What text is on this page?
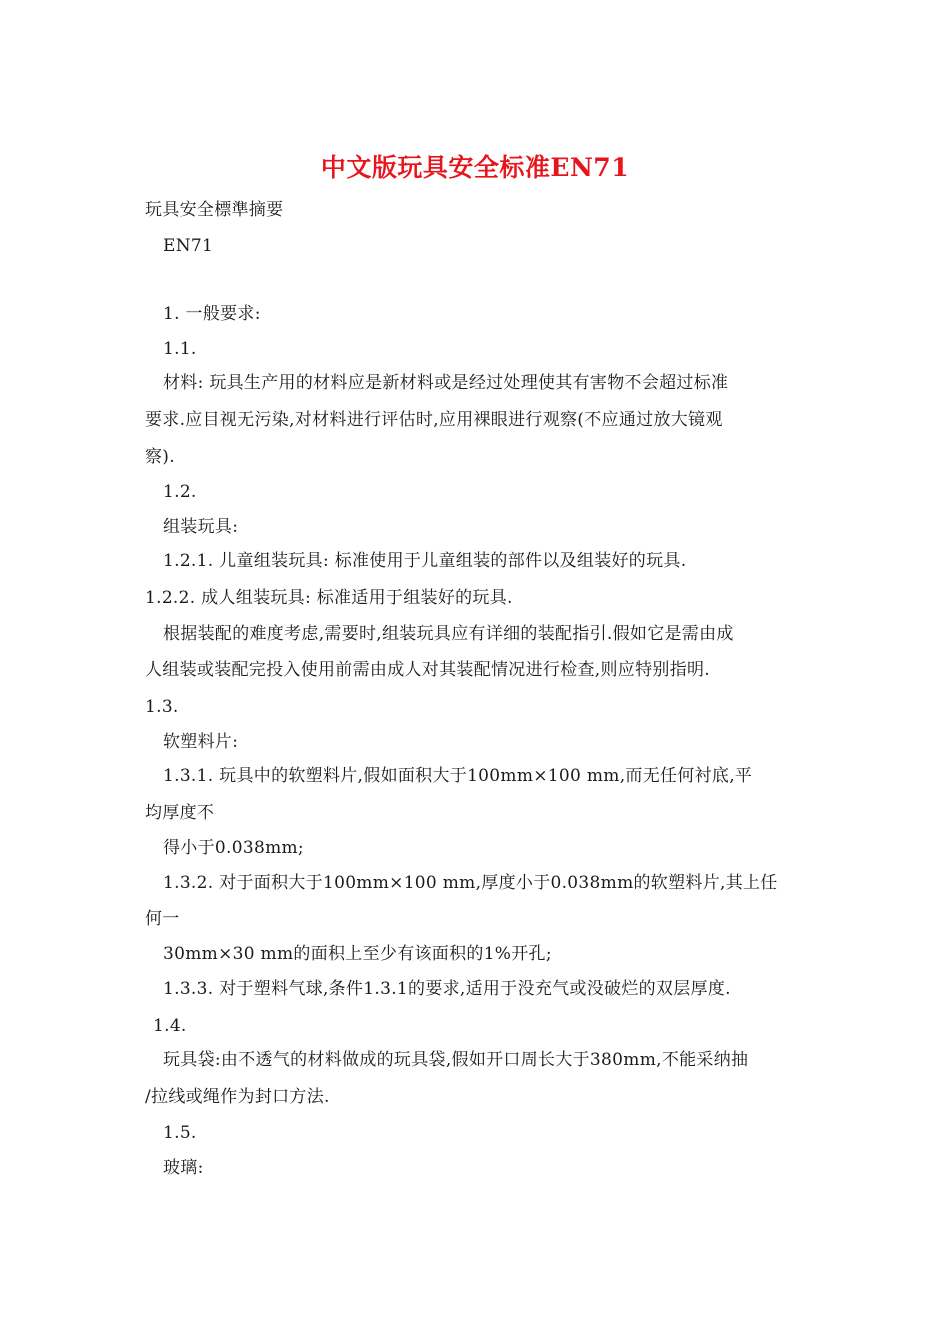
中文版玩具安全标准EN71
玩具安全標準摘要
EN71
1. 一般要求:
1.1.
材料: 玩具生产用的材料应是新材料或是经过处理使其有害物不会超过标准
要求.应目视无污染,对材料进行评估时,应用裸眼进行观察(不应通过放大镜观
察).
1.2.
组装玩具:
1.2.1. 儿童组装玩具: 标准使用于儿童组装的部件以及组装好的玩具.
1.2.2. 成人组装玩具: 标准适用于组装好的玩具.
根据装配的难度考虑,需要时,组装玩具应有详细的装配指引.假如它是需由成
人组装或装配完投入使用前需由成人对其装配情况进行检查,则应特别指明.
1.3.
软塑料片:
1.3.1. 玩具中的软塑料片,假如面积大于100mm×100 mm,而无任何衬底,平
均厚度不
得小于0.038mm;
1.3.2. 对于面积大于100mm×100 mm,厚度小于0.038mm的软塑料片,其上任
何一
30mm×30 mm的面积上至少有该面积的1%开孔;
1.3.3. 对于塑料气球,条件1.3.1的要求,适用于没充气或没破烂的双层厚度.
1.4.
玩具袋:由不透气的材料做成的玩具袋,假如开口周长大于380mm,不能采纳抽
/拉线或绳作为封口方法.
1.5.
玻璃:
